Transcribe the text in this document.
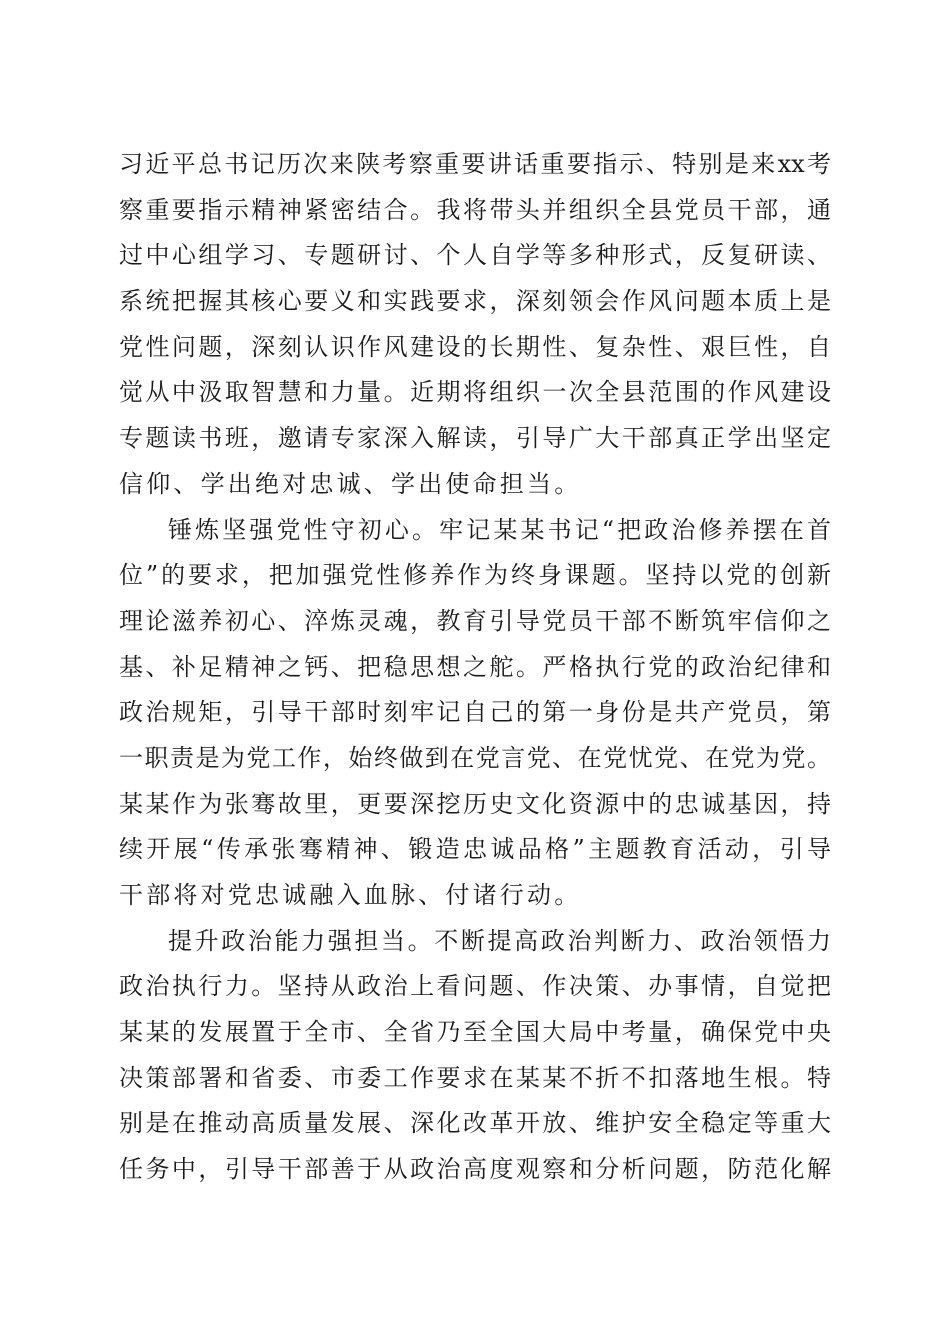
习近平总书记历次来陕考察重要讲话重要指示、特别是来xx考
察重要指示精神紧密结合。我将带头并组织全县党员干部，通
过中心组学习、专题研讨、个人自学等多种形式，反复研读、
系统把握其核心要义和实践要求，深刻领会作风问题本质上是
党性问题，深刻认识作风建设的长期性、复杂性、艰巨性，自
觉从中汲取智慧和力量。近期将组织一次全县范围的作风建设
专题读书班，邀请专家深入解读，引导广大干部真正学出坚定
信仰、学出绝对忠诚、学出使命担当。
锤炼坚强党性守初心。牢记某某书记“把政治修养摆在首
位”的要求，把加强党性修养作为终身课题。坚持以党的创新
理论滋养初心、淬炼灵魂，教育引导党员干部不断筑牢信仰之
基、补足精神之钙、把稳思想之舵。严格执行党的政治纪律和
政治规矩，引导干部时刻牢记自己的第一身份是共产党员，第
一职责是为党工作，始终做到在党言党、在党忧党、在党为党。
某某作为张骞故里，更要深挖历史文化资源中的忠诚基因，持
续开展“传承张骞精神、锻造忠诚品格”主题教育活动，引导
干部将对党忠诚融入血脉、付诸行动。
提升政治能力强担当。不断提高政治判断力、政治领悟力
政治执行力。坚持从政治上看问题、作决策、办事情，自觉把
某某的发展置于全市、全省乃至全国大局中考量，确保党中央
决策部署和省委、市委工作要求在某某不折不扣落地生根。特
别是在推动高质量发展、深化改革开放、维护安全稳定等重大
任务中，引导干部善于从政治高度观察和分析问题，防范化解
